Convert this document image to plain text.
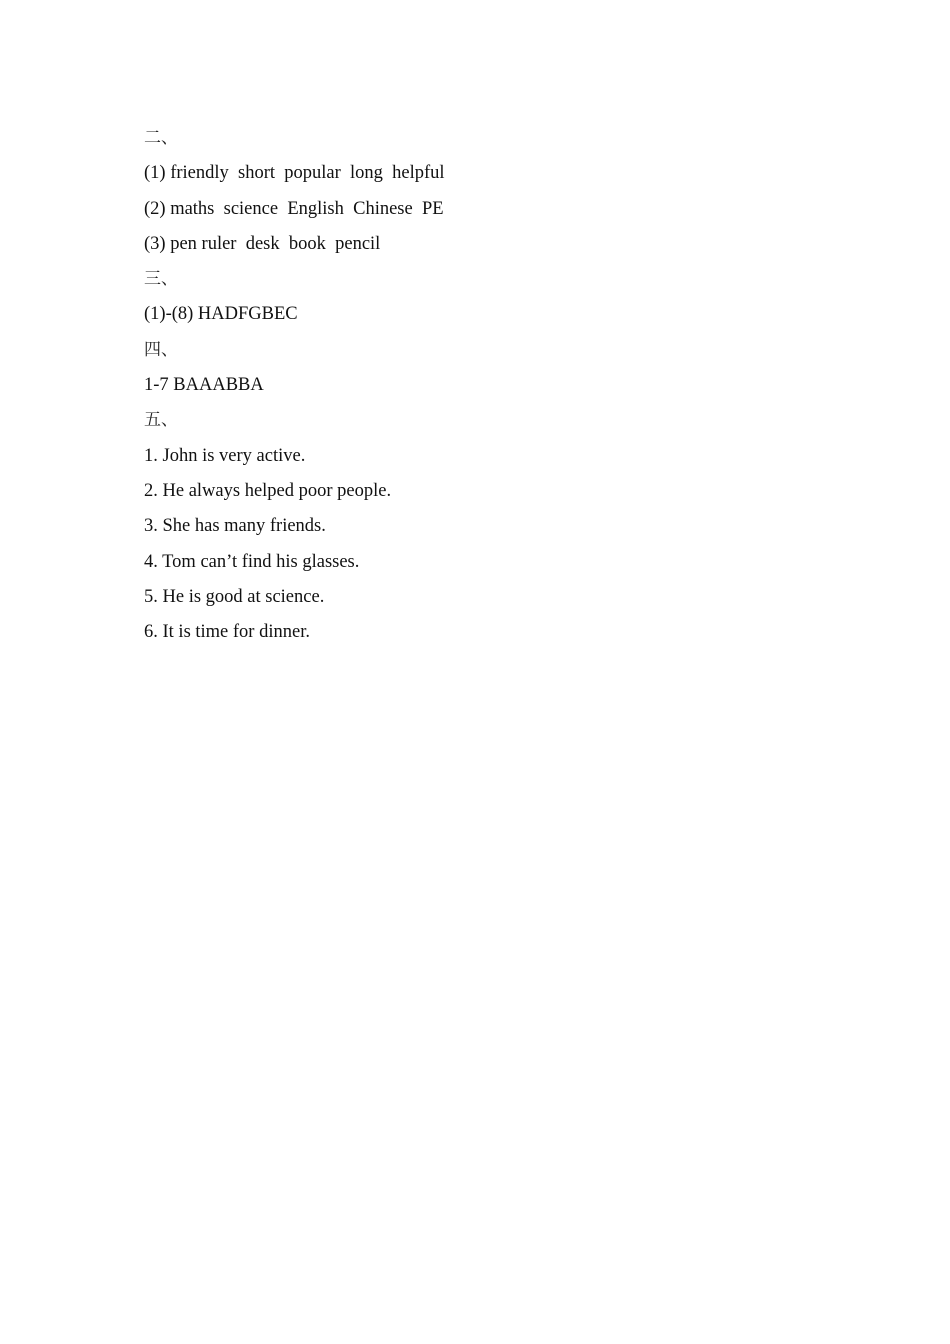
二、
(1) friendly  short  popular  long  helpful
(2) maths  science  English  Chinese  PE
(3) pen ruler  desk  book  pencil
三、
(1)-(8) HADFGBEC
四、
1-7 BAAABBA
五、
1. John is very active.
2. He always helped poor people.
3. She has many friends.
4. Tom can’t find his glasses.
5. He is good at science.
6. It is time for dinner.
